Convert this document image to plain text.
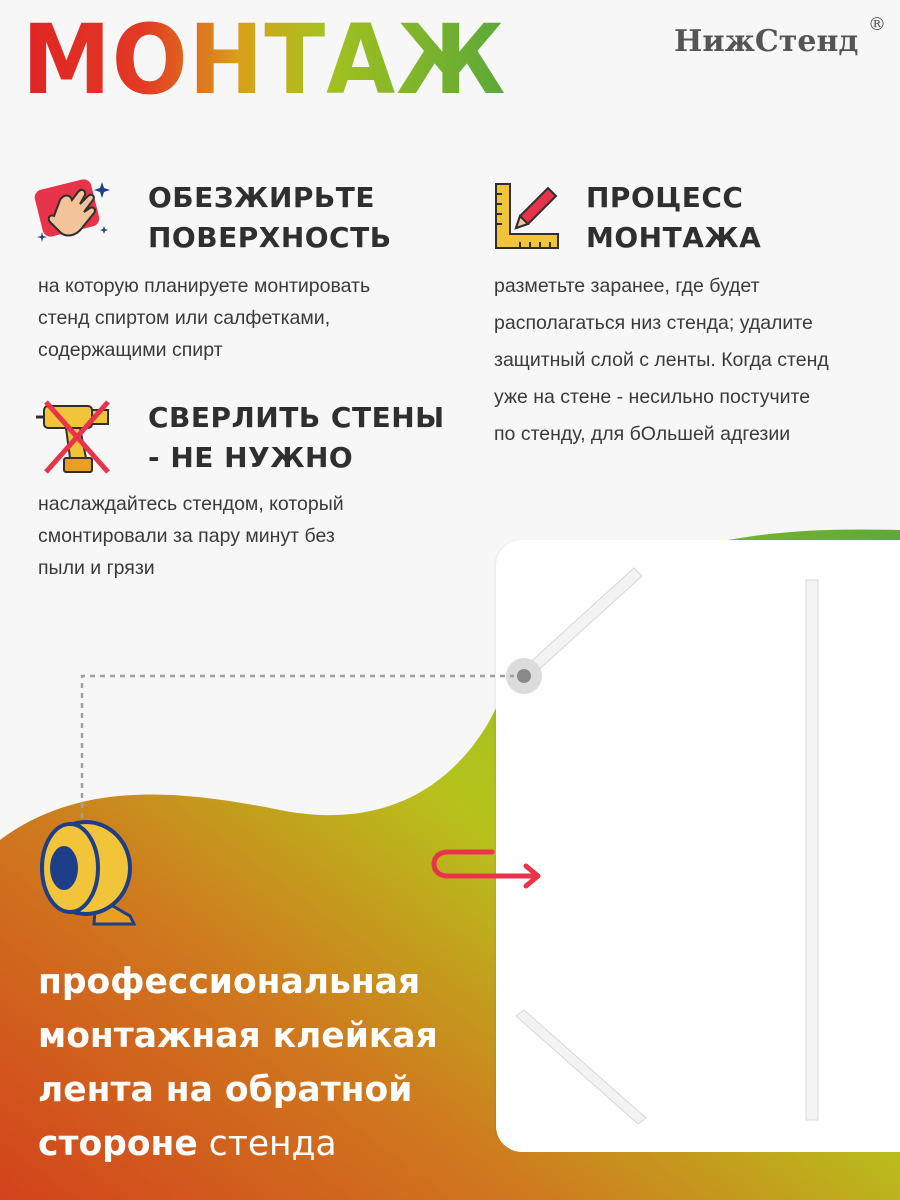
МОНТАЖ	НижСтенд ®
ОБЕЗЖИРЬТЕ
ПОВЕРХНОСТЬ
на которую планируете монтировать
стенд спиртом или салфетками,
содержащими спирт
СВЕРЛИТЬ СТЕНЫ
- НЕ НУЖНО
наслаждайтесь стендом, который
смонтировали за пару минут без
пыли и грязи
ПРОЦЕСС
МОНТАЖА
разметьте заранее, где будет
располагаться низ стенда; удалите
защитный слой с ленты. Когда стенд
уже на стене - несильно постучите
по стенду, для бОльшей адгезии
профессиональная
монтажная клейкая
лента на обратной
стороне стенда
